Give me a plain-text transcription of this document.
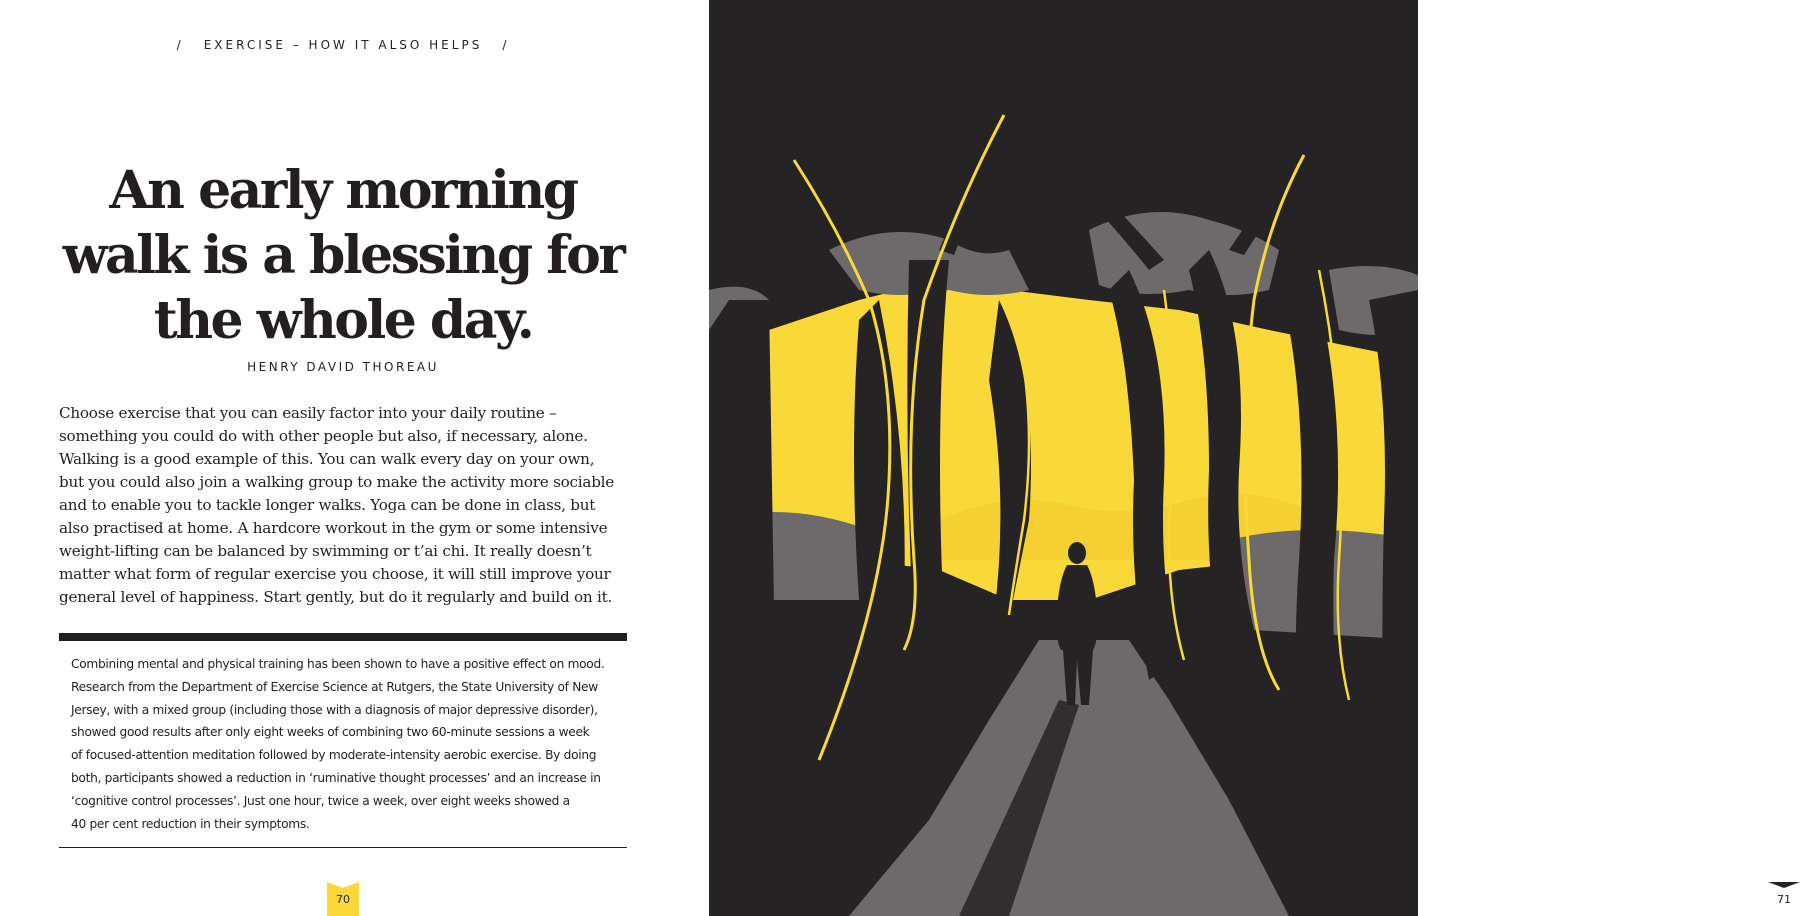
/ EXERCISE – HOW IT ALSO HELPS /
An early morning
walk is a blessing for
the whole day.
HENRY DAVID THOREAU
Choose exercise that you can easily factor into your daily routine –
something you could do with other people but also, if necessary, alone.
Walking is a good example of this. You can walk every day on your own,
but you could also join a walking group to make the activity more sociable
and to enable you to tackle longer walks. Yoga can be done in class, but
also practised at home. A hardcore workout in the gym or some intensive
weight-lifting can be balanced by swimming or t’ai chi. It really doesn’t
matter what form of regular exercise you choose, it will still improve your
general level of happiness. Start gently, but do it regularly and build on it.
Combining mental and physical training has been shown to have a positive effect on mood.
Research from the Department of Exercise Science at Rutgers, the State University of New
Jersey, with a mixed group (including those with a diagnosis of major depressive disorder),
showed good results after only eight weeks of combining two 60-minute sessions a week
of focused-attention meditation followed by moderate-intensity aerobic exercise. By doing
both, participants showed a reduction in ‘ruminative thought processes’ and an increase in
‘cognitive control processes’. Just one hour, twice a week, over eight weeks showed a
40 per cent reduction in their symptoms.
70	71
